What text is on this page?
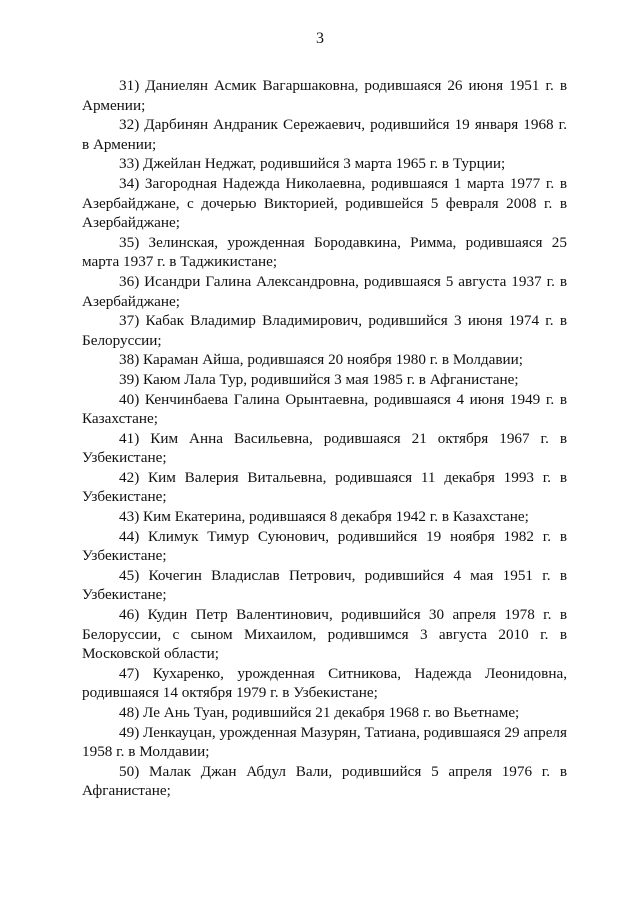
3

31) Даниелян Асмик Вагаршаковна, родившаяся 26 июня 1951 г. в Армении;

32) Дарбинян Андраник Сережаевич, родившийся 19 января 1968 г. в Армении;

33) Джейлан Неджат, родившийся 3 марта 1965 г. в Турции;

34) Загородная Надежда Николаевна, родившаяся 1 марта 1977 г. в Азербайджане, с дочерью Викторией, родившейся 5 февраля 2008 г. в Азербайджане;

35) Зелинская, урожденная Бородавкина, Римма, родившаяся 25 марта 1937 г. в Таджикистане;

36) Исандри Галина Александровна, родившаяся 5 августа 1937 г. в Азербайджане;

37) Кабак Владимир Владимирович, родившийся 3 июня 1974 г. в Белоруссии;

38) Караман Айша, родившаяся 20 ноября 1980 г. в Молдавии;

39) Каюм Лала Тур, родившийся 3 мая 1985 г. в Афганистане;

40) Кенчинбаева Галина Орынтаевна, родившаяся 4 июня 1949 г. в Казахстане;

41) Ким Анна Васильевна, родившаяся 21 октября 1967 г. в Узбекистане;

42) Ким Валерия Витальевна, родившаяся 11 декабря 1993 г. в Узбекистане;

43) Ким Екатерина, родившаяся 8 декабря 1942 г. в Казахстане;

44) Климук Тимур Суюнович, родившийся 19 ноября 1982 г. в Узбекистане;

45) Кочегин Владислав Петрович, родившийся 4 мая 1951 г. в Узбекистане;

46) Кудин Петр Валентинович, родившийся 30 апреля 1978 г. в Белоруссии, с сыном Михаилом, родившимся 3 августа 2010 г. в Московской области;

47) Кухаренко, урожденная Ситникова, Надежда Леонидовна, родившаяся 14 октября 1979 г. в Узбекистане;

48) Ле Ань Туан, родившийся 21 декабря 1968 г. во Вьетнаме;

49) Ленкауцан, урожденная Мазурян, Татиана, родившаяся 29 апреля 1958 г. в Молдавии;

50) Малак Джан Абдул Вали, родившийся 5 апреля 1976 г. в Афганистане;
